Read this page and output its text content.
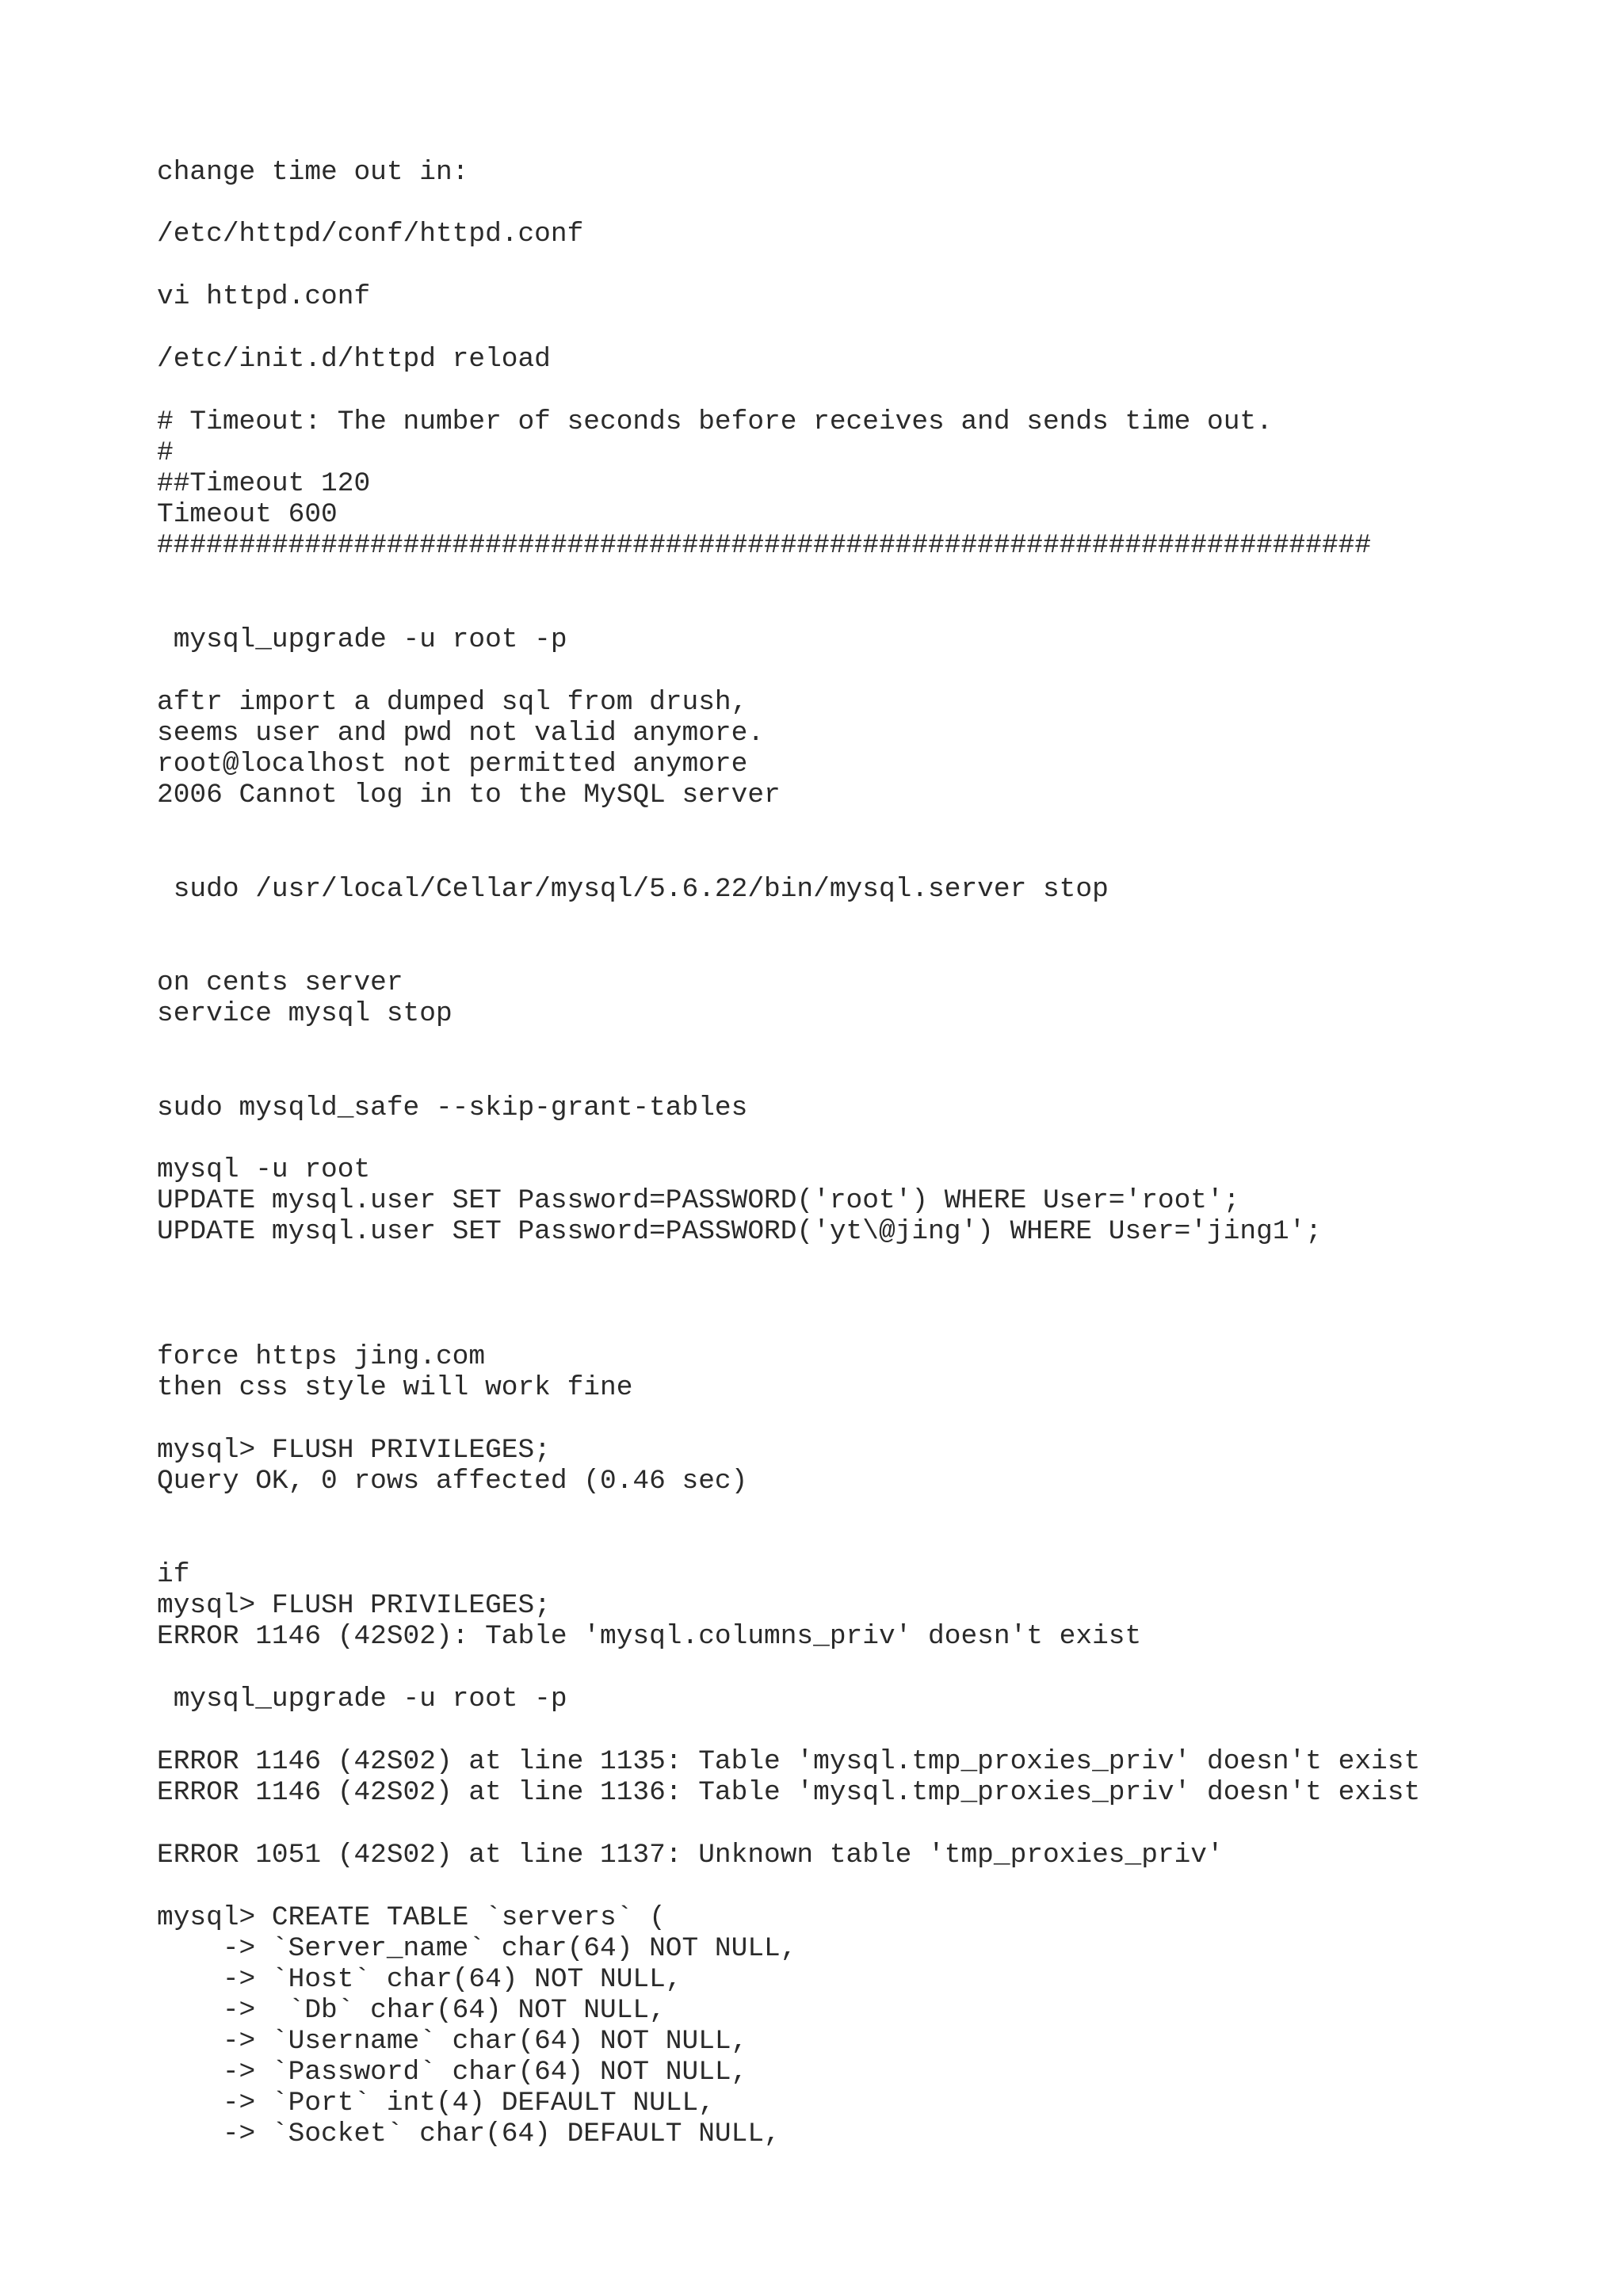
change time out in:

/etc/httpd/conf/httpd.conf

vi httpd.conf

/etc/init.d/httpd reload

# Timeout: The number of seconds before receives and sends time out.

#

##Timeout 120

Timeout 600

##########################################################################

mysql_upgrade -u root -p

aftr import a dumped sql from drush,

seems user and pwd not valid anymore.

root@localhost not permitted anymore

2006 Cannot log in to the MySQL server

sudo /usr/local/Cellar/mysql/5.6.22/bin/mysql.server stop

on cents server

service mysql stop

sudo mysqld_safe --skip-grant-tables

mysql -u root

UPDATE mysql.user SET Password=PASSWORD('root') WHERE User='root';

UPDATE mysql.user SET Password=PASSWORD('yt\@jing') WHERE User='jing1';

force https jing.com

then css style will work fine

mysql> FLUSH PRIVILEGES;

Query OK, 0 rows affected (0.46 sec)

if

mysql> FLUSH PRIVILEGES;

ERROR 1146 (42S02): Table 'mysql.columns_priv' doesn't exist

mysql_upgrade -u root -p

ERROR 1146 (42S02) at line 1135: Table 'mysql.tmp_proxies_priv' doesn't exist

ERROR 1146 (42S02) at line 1136: Table 'mysql.tmp_proxies_priv' doesn't exist

ERROR 1051 (42S02) at line 1137: Unknown table 'tmp_proxies_priv'

mysql> CREATE TABLE `servers` (

-> `Server_name` char(64) NOT NULL,

-> `Host` char(64) NOT NULL,

->  `Db` char(64) NOT NULL,

-> `Username` char(64) NOT NULL,

-> `Password` char(64) NOT NULL,

-> `Port` int(4) DEFAULT NULL,

-> `Socket` char(64) DEFAULT NULL,
